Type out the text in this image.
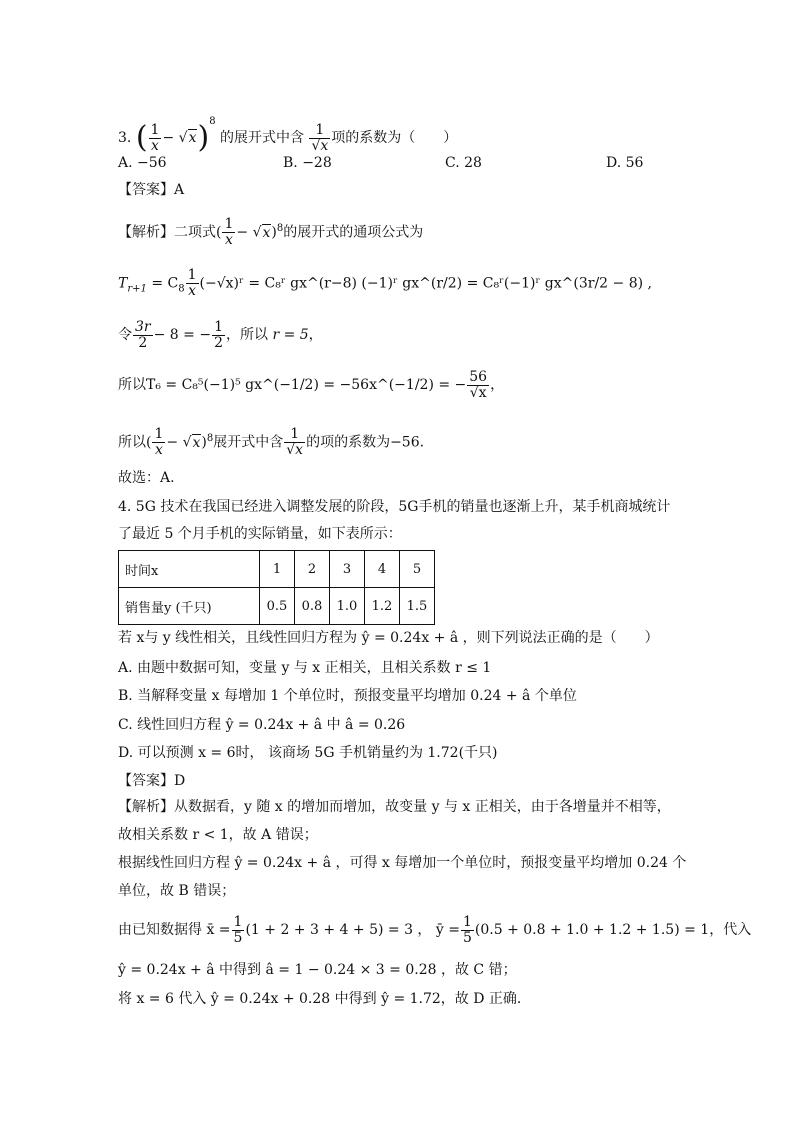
3. ( $\frac{1}{x} - √x)^8$ 的展开式中含 $\frac{1}{√x}$ 项的系数为（　　）
A. −56	B. −28	C. 28	D. 56
【答案】A
【解析】二项式( $\frac{1}{x} - √x)^8$的展开式的通项公式为
$T_{r+1} = C_8 \frac{1}{x}$ (−√x)ʳ = C₈ʳ gx^(r−8) (−1)ʳ gx^(r/2) = C₈ʳ(−1)ʳ gx^(3r/2 − 8) ,
令 $\frac{3r}{2} - 8$ = − $\frac{1}{2}$ ，所以 r = 5，
所以T₆ = C₈⁵(−1)⁵ gx^(−1/2) = −56x^(−1/2) = − $\frac{56}{√x}$ ，
所以( $\frac{1}{x} - √x)^8$展开式中含 $\frac{1}{√x}$ 的项的系数为−56.
故选：A.
4. 5G 技术在我国已经进入调整发展的阶段，5G手机的销量也逐渐上升，某手机商城统计
了最近 5 个月手机的实际销量，如下表所示：
时间x	1	2	3	4	5
销售量y (千只)	0.5	0.8	1.0	1.2	1.5
若 x与 y 线性相关，且线性回归方程为 ŷ = 0.24x + â ，则下列说法正确的是（　　）
A. 由题中数据可知，变量 y 与 x 正相关，且相关系数 r ≤ 1
B. 当解释变量 x 每增加 1 个单位时，预报变量平均增加 0.24 + â 个单位
C. 线性回归方程 ŷ = 0.24x + â 中 â = 0.26
D. 可以预测 x = 6时， 该商场 5G 手机销量约为 1.72(千只)
【答案】D
【解析】从数据看，y 随 x 的增加而增加，故变量 y 与 x 正相关，由于各增量并不相等，
故相关系数 r < 1，故 A 错误；
根据线性回归方程 ŷ = 0.24x + â ，可得 x 每增加一个单位时，预报变量平均增加 0.24 个
单位，故 B 错误；
由已知数据得 x̄ = $\frac{1}{5} (1 + 2 + 3 + 4 + 5) = 3$ ， ȳ = $\frac{1}{5} (0.5 + 0.8 + 1.0 + 1.2 + 1.5) = 1$，代入
ŷ = 0.24x + â 中得到 â = 1 − 0.24 × 3 = 0.28 ，故 C 错；
将 x = 6 代入 ŷ = 0.24x + 0.28 中得到 ŷ = 1.72，故 D 正确.
